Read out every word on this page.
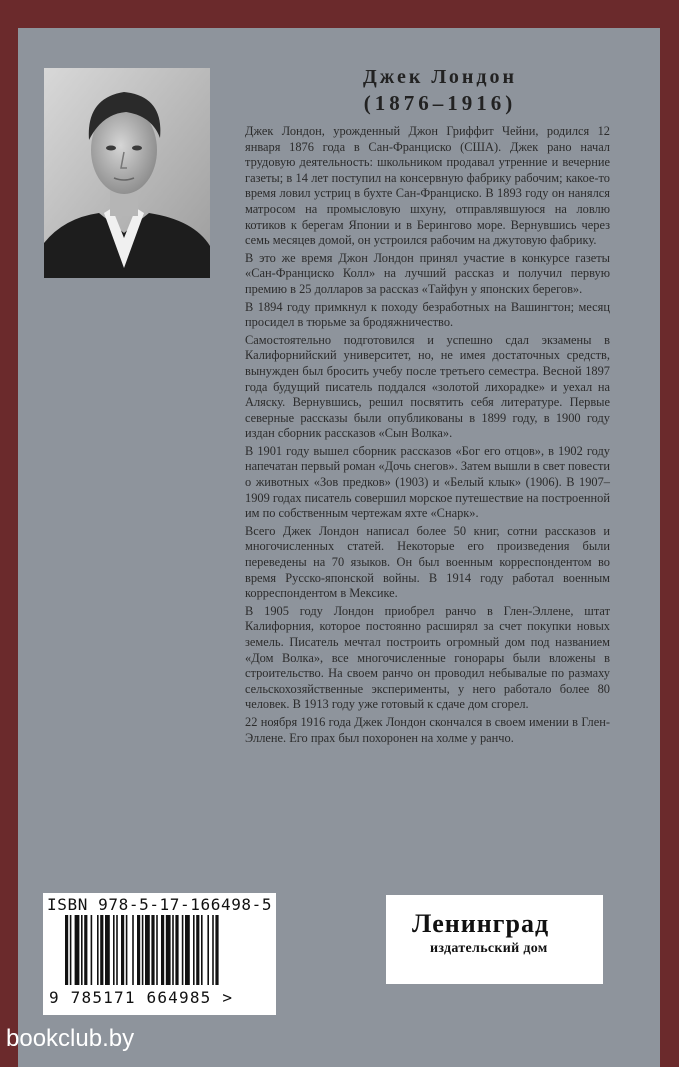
Джек Лондон
(1876–1916)

Джек Лондон, урожденный Джон Гриффит Чейни, родился 12 января 1876 года в Сан-Франциско (США). Джек рано начал трудовую деятельность: школьником продавал утренние и вечерние газеты; в 14 лет поступил на консервную фабрику рабочим; какое-то время ловил устриц в бухте Сан-Франциско. В 1893 году он нанялся матросом на промысловую шхуну, отправлявшуюся на ловлю котиков к берегам Японии и в Берингово море. Вернувшись через семь месяцев домой, он устроился рабочим на джутовую фабрику.

В это же время Джон Лондон принял участие в конкурсе газеты «Сан-Франциско Колл» на лучший рассказ и получил первую премию в 25 долларов за рассказ «Тайфун у японских берегов».

В 1894 году примкнул к походу безработных на Вашингтон; месяц просидел в тюрьме за бродяжничество.

Самостоятельно подготовился и успешно сдал экзамены в Калифорнийский университет, но, не имея достаточных средств, вынужден был бросить учебу после третьего семестра. Весной 1897 года будущий писатель поддался «золотой лихорадке» и уехал на Аляску. Вернувшись, решил посвятить себя литературе. Первые северные рассказы были опубликованы в 1899 году, в 1900 году издан сборник рассказов «Сын Волка».

В 1901 году вышел сборник рассказов «Бог его отцов», в 1902 году напечатан первый роман «Дочь снегов». Затем вышли в свет повести о животных «Зов предков» (1903) и «Белый клык» (1906). В 1907–1909 годах писатель совершил морское путешествие на построенной им по собственным чертежам яхте «Снарк».

Всего Джек Лондон написал более 50 книг, сотни рассказов и многочисленных статей. Некоторые его произведения были переведены на 70 языков. Он был военным корреспондентом во время Русско-японской войны. В 1914 году работал военным корреспондентом в Мексике.

В 1905 году Лондон приобрел ранчо в Глен-Эллене, штат Калифорния, которое постоянно расширял за счет покупки новых земель. Писатель мечтал построить огромный дом под названием «Дом Волка», все многочисленные гонорары были вложены в строительство. На своем ранчо он проводил небывалые по размаху сельскохозяйственные эксперименты, у него работало более 80 человек. В 1913 году уже готовый к сдаче дом сгорел.

22 ноября 1916 года Джек Лондон скончался в своем имении в Глен-Эллене. Его прах был похоронен на холме у ранчо.

ISBN 978-5-17-166498-5
9 785171 664985 >
Ленинград
издательский дом
bookclub.by
